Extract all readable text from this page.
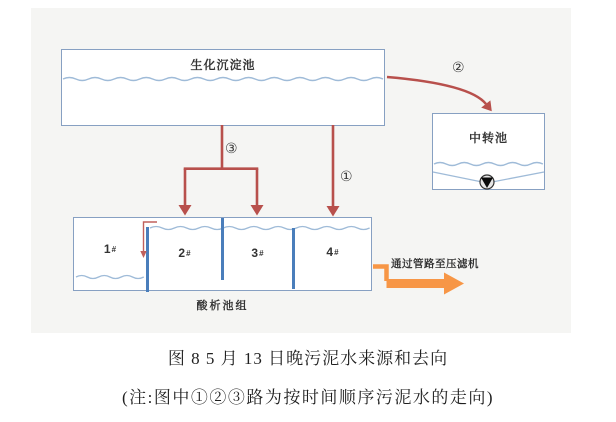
生化沉淀池
中转池
1 #	2 #	3 #	4 #
酸析池组
通过管路至压滤机
①
②
③
图 8 5 月 13 日晚污泥水来源和去向
(注:图中①②③路为按时间顺序污泥水的走向)
